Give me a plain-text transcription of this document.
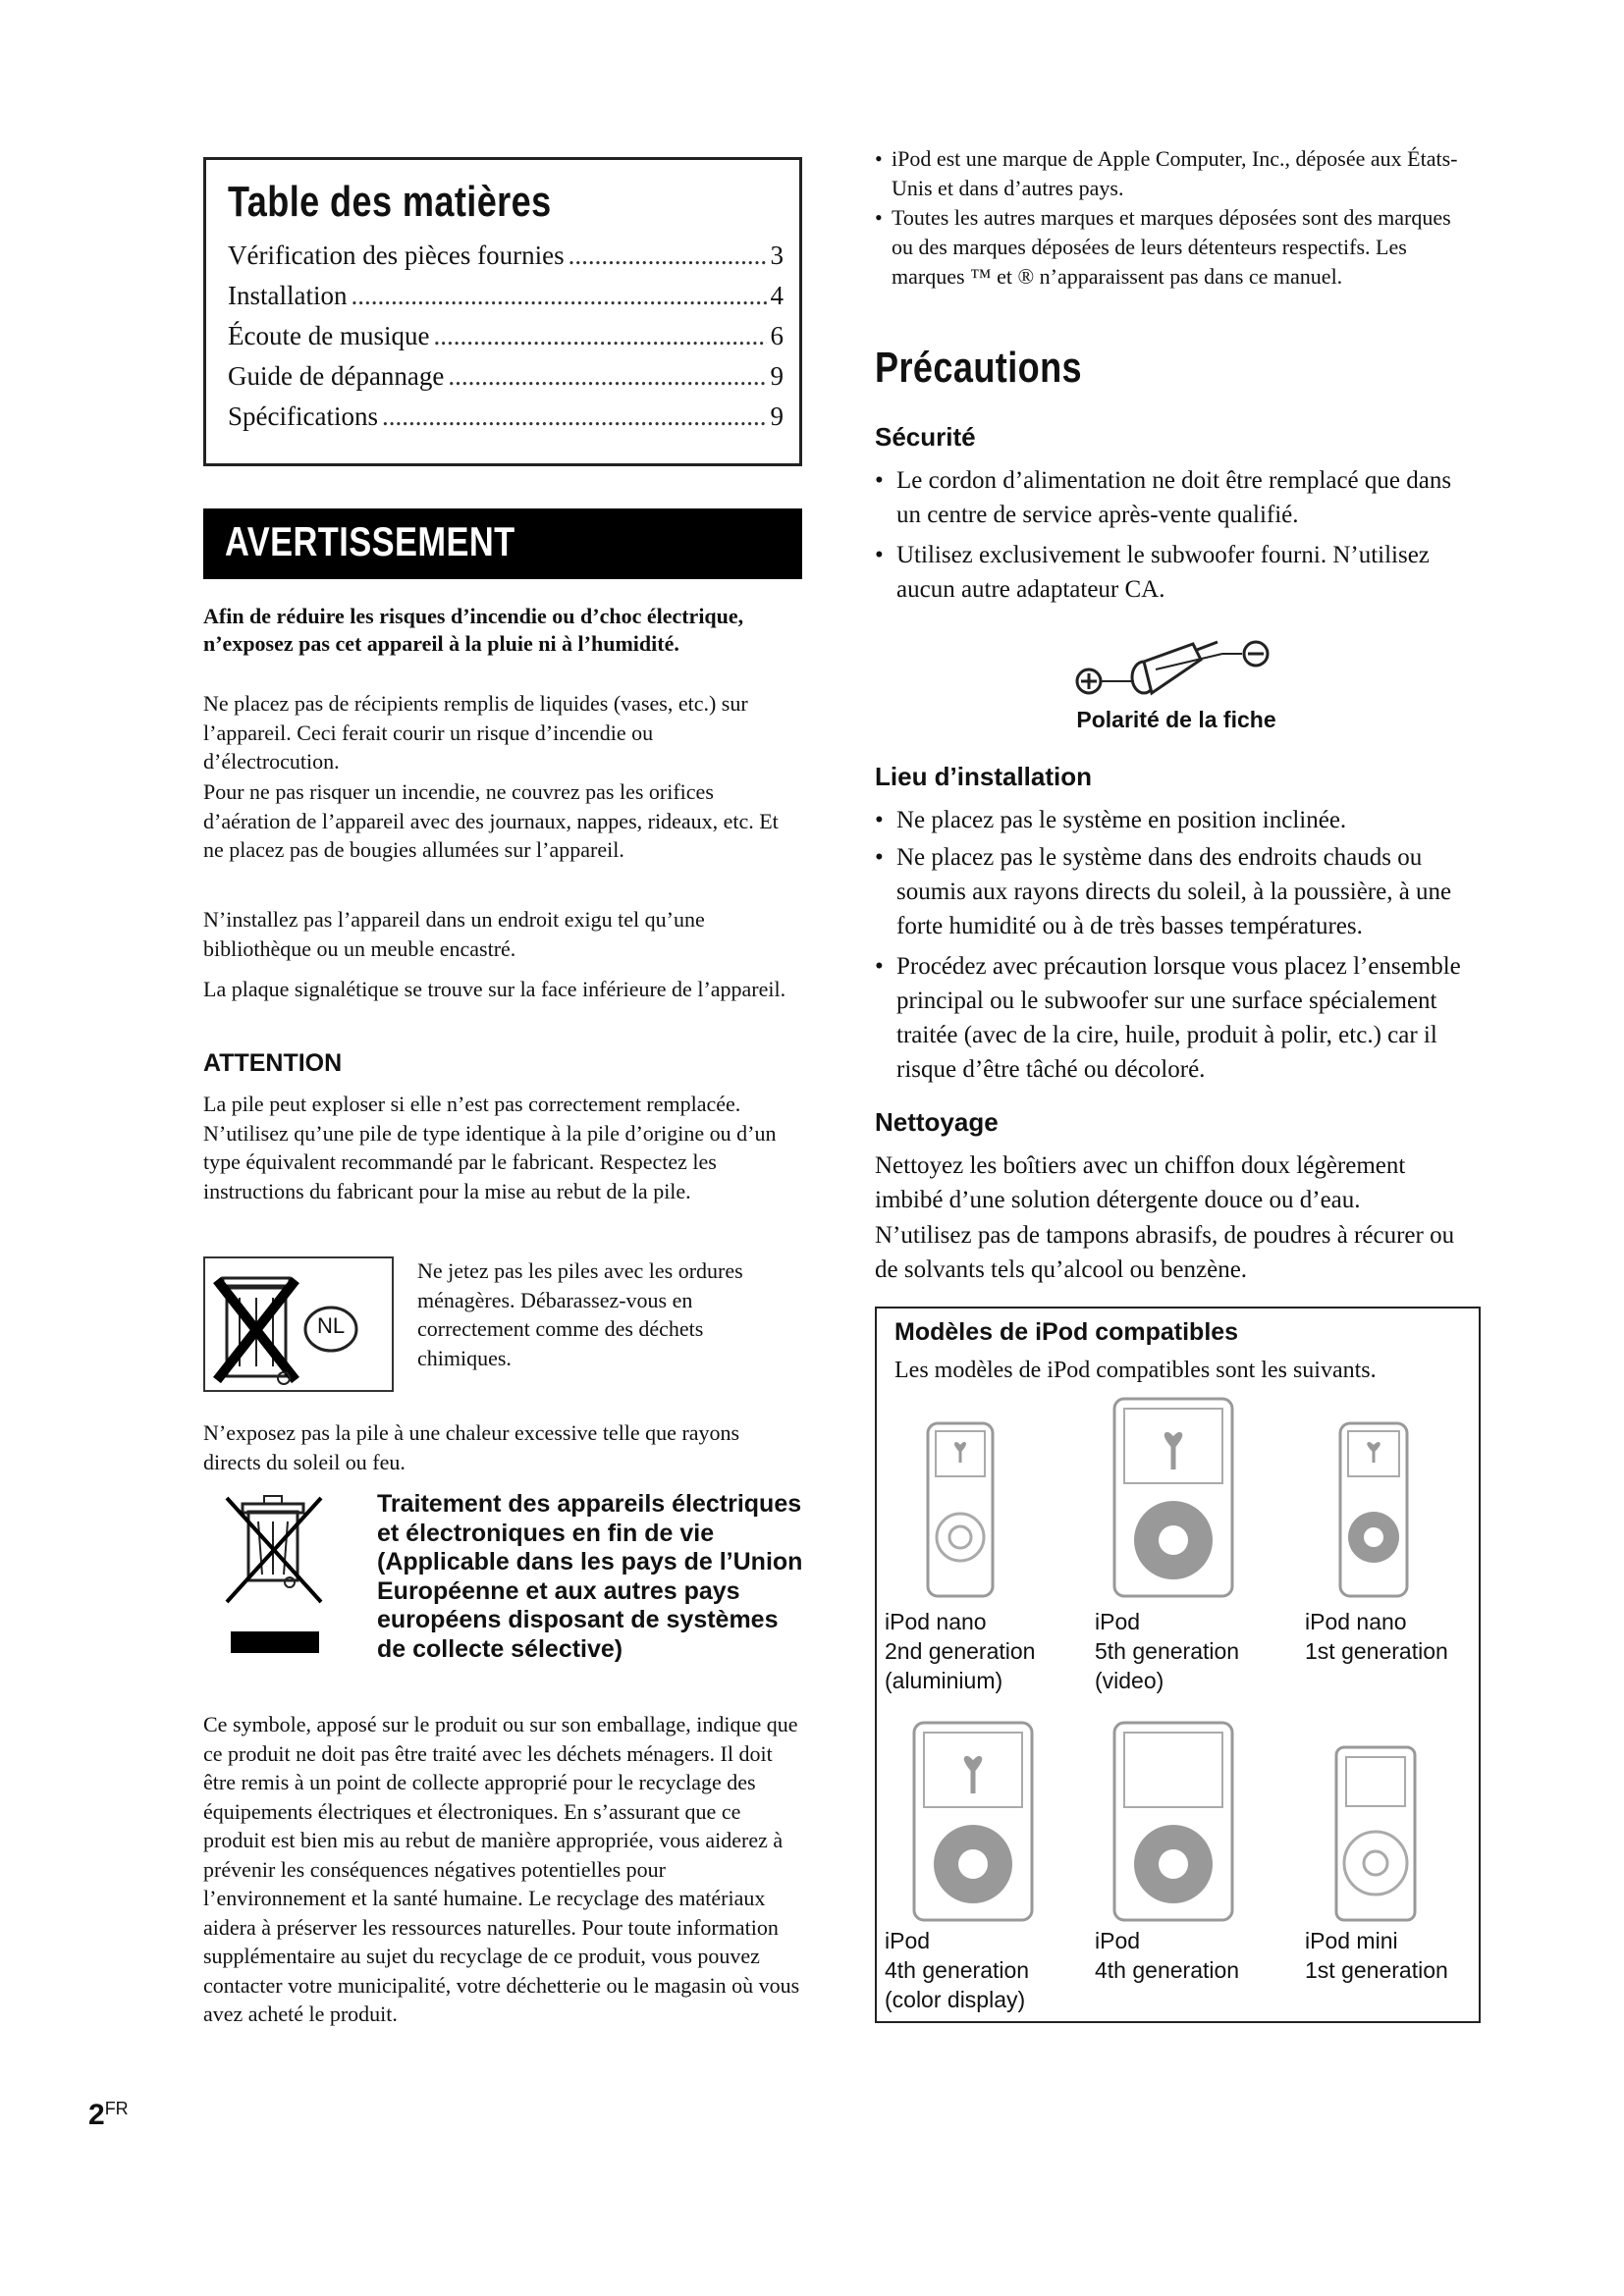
Table des matières
Vérification des pièces fournies .....	3
Installation .....	4
Écoute de musique .....	6
Guide de dépannage .....	9
Spécifications .....	9
AVERTISSEMENT
Afin de réduire les risques d’incendie ou d’choc électrique, n’exposez pas cet appareil à la pluie ni à l’humidité.
Ne placez pas de récipients remplis de liquides (vases, etc.) sur l’appareil. Ceci ferait courir un risque d’incendie ou d’électrocution.
Pour ne pas risquer un incendie, ne couvrez pas les orifices d’aération de l’appareil avec des journaux, nappes, rideaux, etc. Et ne placez pas de bougies allumées sur l’appareil.
N’installez pas l’appareil dans un endroit exigu tel qu’une bibliothèque ou un meuble encastré.
La plaque signalétique se trouve sur la face inférieure de l’appareil.
ATTENTION
La pile peut exploser si elle n’est pas correctement remplacée. N’utilisez qu’une pile de type identique à la pile d’origine ou d’un type équivalent recommandé par le fabricant. Respectez les instructions du fabricant pour la mise au rebut de la pile.
NL
Ne jetez pas les piles avec les ordures ménagères. Débarassez-vous en correctement comme des déchets chimiques.
N’exposez pas la pile à une chaleur excessive telle que rayons directs du soleil ou feu.
Traitement des appareils électriques et électroniques en fin de vie (Applicable dans les pays de l’Union Européenne et aux autres pays européens disposant de systèmes de collecte sélective)
Ce symbole, apposé sur le produit ou sur son emballage, indique que ce produit ne doit pas être traité avec les déchets ménagers. Il doit être remis à un point de collecte approprié pour le recyclage des équipements électriques et électroniques. En s’assurant que ce produit est bien mis au rebut de manière appropriée, vous aiderez à prévenir les conséquences négatives potentielles pour l’environnement et la santé humaine. Le recyclage des matériaux aidera à préserver les ressources naturelles. Pour toute information supplémentaire au sujet du recyclage de ce produit, vous pouvez contacter votre municipalité, votre déchetterie ou le magasin où vous avez acheté le produit.
$2^{FR}$
• iPod est une marque de Apple Computer, Inc., déposée aux États-Unis et dans d’autres pays.
• Toutes les autres marques et marques déposées sont des marques ou des marques déposées de leurs détenteurs respectifs. Les marques ™ et ® n’apparaissent pas dans ce manuel.
Précautions
Sécurité
• Le cordon d’alimentation ne doit être remplacé que dans un centre de service après-vente qualifié.
• Utilisez exclusivement le subwoofer fourni. N’utilisez aucun autre adaptateur CA.
Polarité de la fiche
Lieu d’installation
• Ne placez pas le système en position inclinée.
• Ne placez pas le système dans des endroits chauds ou soumis aux rayons directs du soleil, à la poussière, à une forte humidité ou à de très basses températures.
• Procédez avec précaution lorsque vous placez l’ensemble principal ou le subwoofer sur une surface spécialement traitée (avec de la cire, huile, produit à polir, etc.) car il risque d’être tâché ou décoloré.
Nettoyage
Nettoyez les boîtiers avec un chiffon doux légèrement imbibé d’une solution détergente douce ou d’eau.
N’utilisez pas de tampons abrasifs, de poudres à récurer ou de solvants tels qu’alcool ou benzène.
Modèles de iPod compatibles
Les modèles de iPod compatibles sont les suivants.
iPod nano
2nd generation
(aluminium)
iPod
5th generation
(video)
iPod nano
1st generation
iPod
4th generation
(color display)
iPod
4th generation
iPod mini
1st generation
